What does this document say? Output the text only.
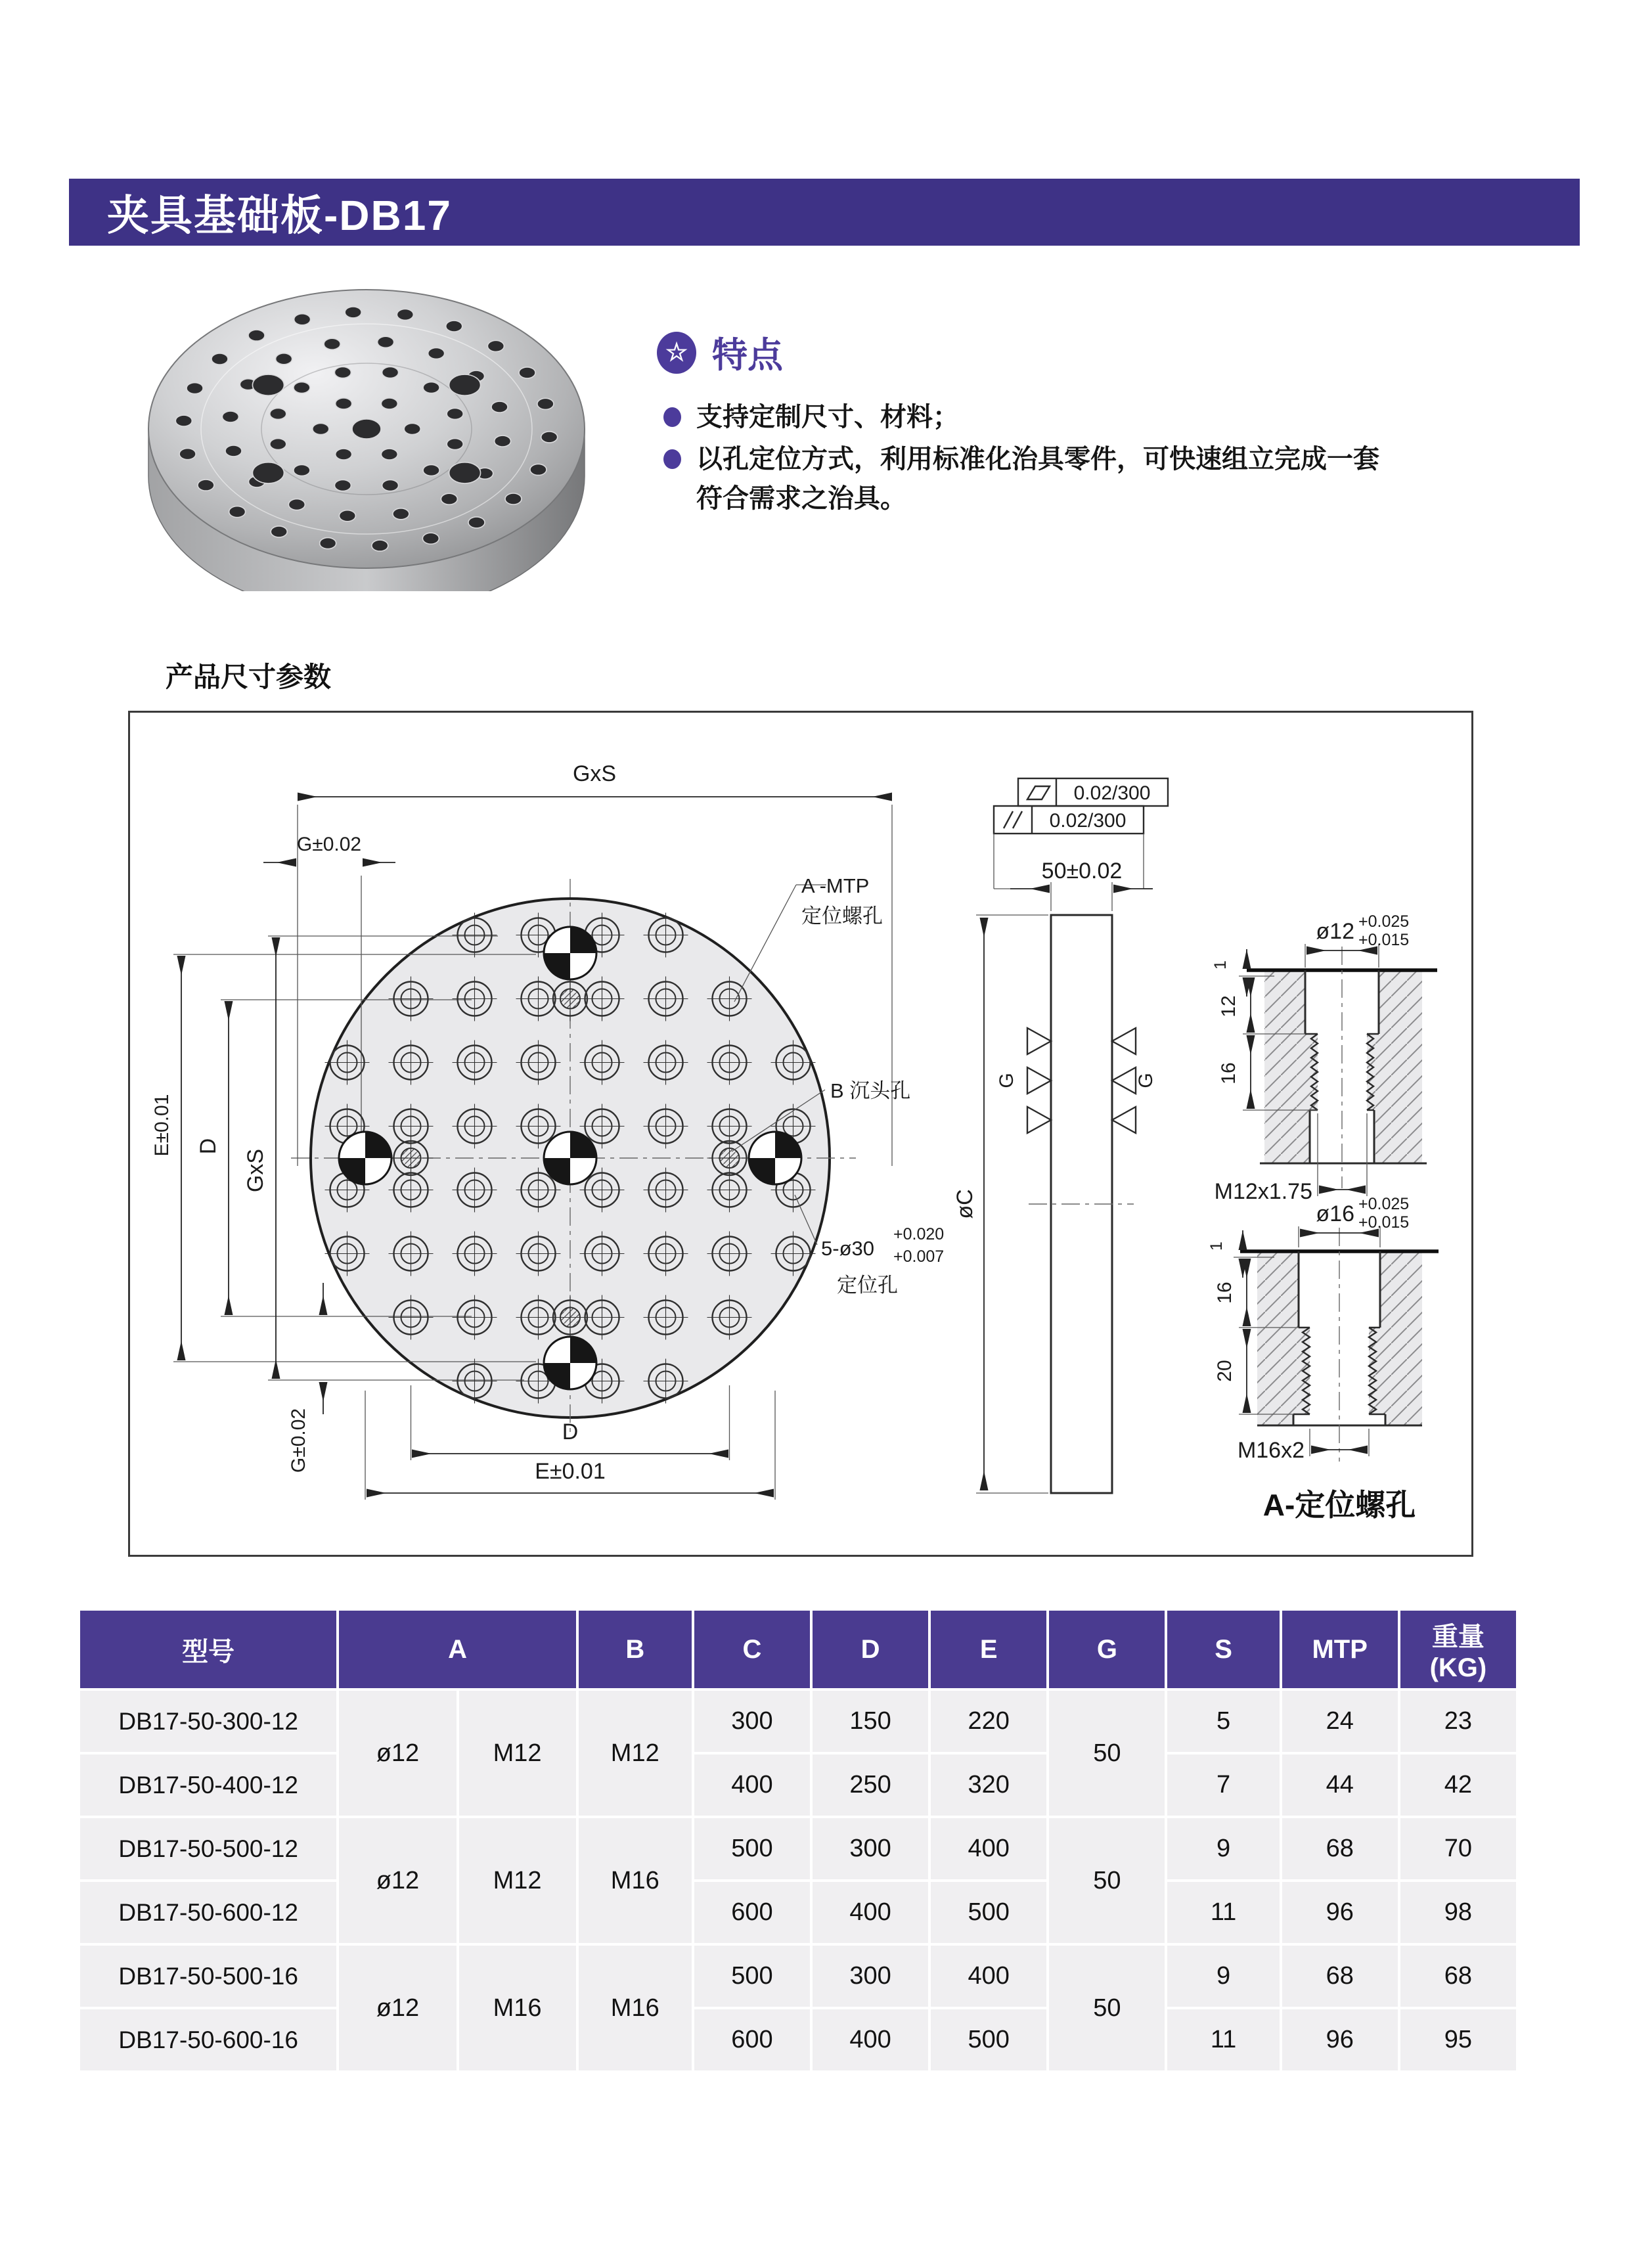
夹具基础板-DB17
☆ 特点
支持定制尺寸、材料；
以孔定位方式，利用标准化治具零件，可快速组立完成一套
符合需求之治具。
产品尺寸参数
GxS
G±0.02
E±0.01 D
GxS
G±0.02	D
E±0.01
A -MTP
定位螺孔
B 沉头孔
5-ø30
+0.020
+0.007
定位孔
0.02/300
0.02/300
50±0.02
G	G
øC
ø12 +0.025
+0.015
1
12
16
M12x1.75
ø16 +0.025
+0.015
1
16
20
M16x2
A-定位螺孔
型号	A		B	C	D	E	G	S	MTP	重量
(KG)

DB17-50-300-12	ø12	M12	M12	300	150	220	50	5	24	23
DB17-50-400-12				400	250	320		7	44	42
DB17-50-500-12	ø12	M12	M16	500	300	400	50	9	68	70
DB17-50-600-12				600	400	500		11	96	98
DB17-50-500-16	ø12	M16	M16	500	300	400	50	9	68	68
DB17-50-600-16				600	400	500		11	96	95
